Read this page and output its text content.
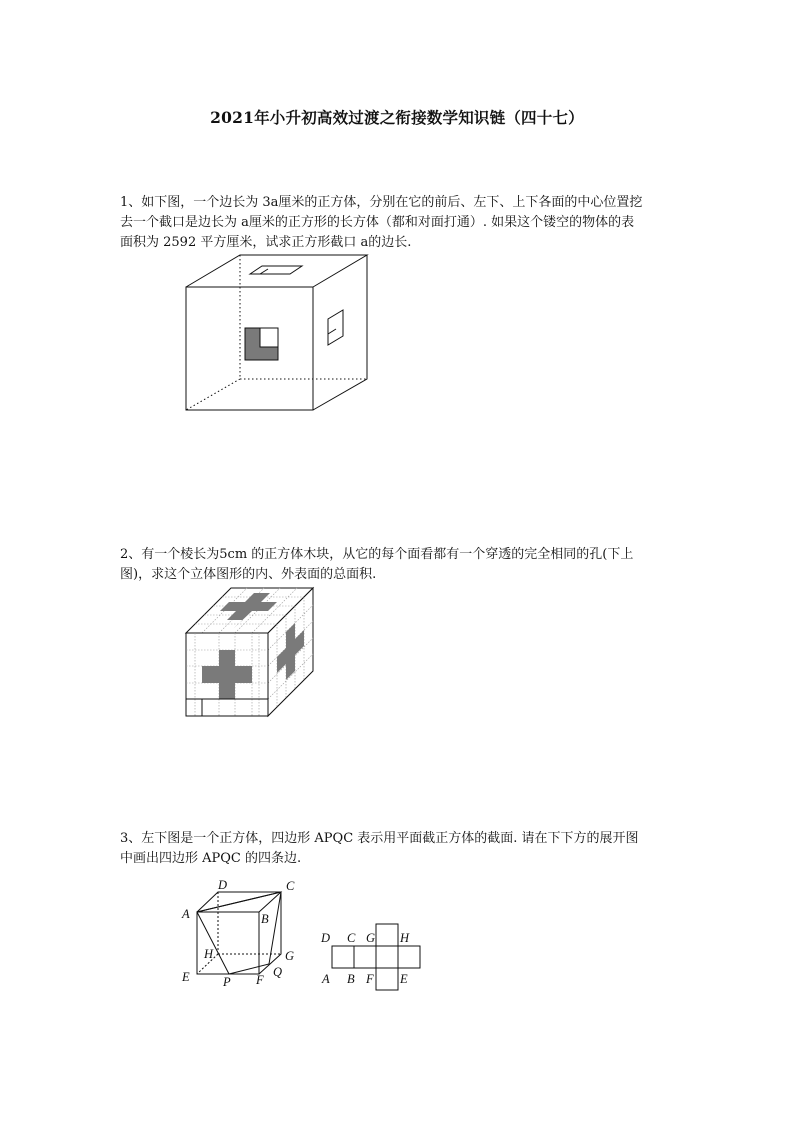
2021年小升初高效过渡之衔接数学知识链（四十七）
1、如下图，一个边长为 3a厘米的正方体，分别在它的前后、左下、上下各面的中心位置挖
去一个截口是边长为 a厘米的正方形的长方体（都和对面打通）. 如果这个镂空的物体的表
面积为 2592 平方厘米，试求正方形截口 a的边长.
2、有一个棱长为5cm 的正方体木块，从它的每个面看都有一个穿透的完全相同的孔(下上
图)，求这个立体图形的内、外表面的总面积.
3、左下图是一个正方体，四边形 APQC 表示用平面截正方体的截面. 请在下下方的展开图
中画出四边形 APQC 的四条边.
D	C
A	B
H	G
E	P F
Q
D C G H
A B F E
